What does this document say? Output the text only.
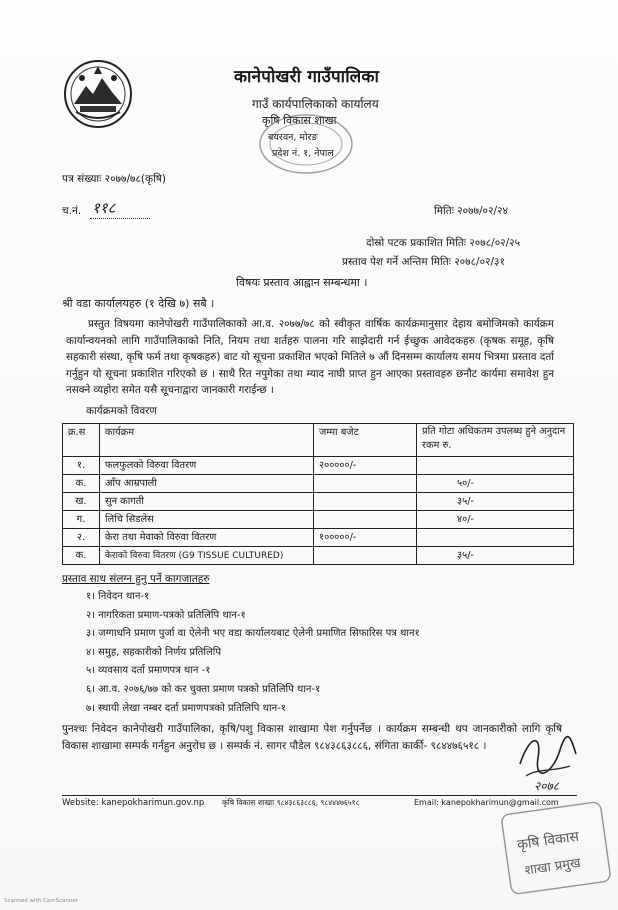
कानेपोखरी गाउँपालिका
गाउँ कार्यपालिकाको कार्यालय
कृषि विकास शाखा
बयरवन, मोरङ
प्रदेश नं. १, नेपाल
पत्र संख्याः २०७७/७८(कृषि)
च.नं. ११८	मितिः २०७७/०२/२४
दोस्रो पटक प्रकाशित मितिः २०७८/०२/२५
प्रस्ताव पेश गर्ने अन्तिम मितिः २०७८/०२/३१
विषयः प्रस्ताव आह्वान सम्बन्धमा ।
श्री वडा कार्यालयहरु (१ देखि ७) सबै ।

प्रस्तुत विषयमा कानेपोखरी गाउँपालिकाको आ.व. २०७७/७८ को स्वीकृत वार्षिक कार्यक्रमानुसार देहाय बमोजिमको कार्यक्रम कार्यान्वयनको लागि गाउँपालिकाको निति, नियम तथा शर्तहरु पालना गरि साझेदारी गर्न ईच्छुक आवेदकहरु (कृषक समूह, कृषि सहकारी संस्था, कृषि फर्म तथा कृषकहरु) बाट यो सूचना प्रकाशित भएको मितिले ७ औं दिनसम्म कार्यालय समय भित्रमा प्रस्ताव दर्ता गर्नुहुन यो सूचना प्रकाशित गरिएको छ । साथै रित नपुगेका तथा म्याद नाघी प्राप्त हुन आएका प्रस्तावहरु छनौट कार्यमा समावेश हुन नसक्ने व्यहोरा समेत यसै सूचनाद्वारा जानकारी गराईन्छ ।

कार्यक्रमको विवरण
क्र.स	कार्यक्रम	जम्मा बजेट	प्रति गोटा अधिकतम उपलब्ध हुने अनुदान रकम रु.
१.	फलफुलको विरुवा वितरण	२०००००/-	
क.	आँप आम्रपाली		५०/-
ख.	सुन कागती		३५/-
ग.	लिचि सिडलेस		४०/-
२.	केरा तथा मेवाको विरुवा वितरण	१०००००/-	
क.	केराको विरुवा वितरण (G9 TISSUE CULTURED)		३५/-
प्रस्ताव साथ संलग्न हुनु पर्ने कागजातहरु
१। निवेदन थान-१
२। नागरिकता प्रमाण-पत्रको प्रतिलिपि थान-१
३। जग्गाधनि प्रमाण पुर्जा वा ऐलेनी भए वडा कार्यालयबाट ऐलेनी प्रमाणित सिफारिस पत्र थान१
४। समुह, सहकारीको निर्णय प्रतिलिपि
५। व्यवसाय दर्ता प्रमाणपत्र थान -१
६। आ.व. २०७६/७७ को कर चुक्ता प्रमाण पत्रको प्रतिलिपि थान-१
७। स्थायी लेखा नम्बर दर्ता प्रमाणपत्रको प्रतिलिपि थान-१
पुनश्चः निवेदन कानेपोखरी गाउँपालिका, कृषि/पशु विकास शाखामा पेश गर्नुपर्नेछ । कार्यक्रम सम्बन्धी थप जानकारीको लागि कृषि विकास शाखामा सम्पर्क गर्नहुन अनुरोध छ । सम्पर्क नं. सागर पौडेल ९८४३८६३८८६, संगिता कार्की- ९८४४७६५१८ ।
२०७८
Website: kanepokharimun.gov.np कृषि विकास शाखाः ९८४३८६३८८६, ९८४४४७६५१८	Email: kanepokharimun@gmail.com
कृषि विकास
शाखा प्रमुख
Scanned with CamScanner
